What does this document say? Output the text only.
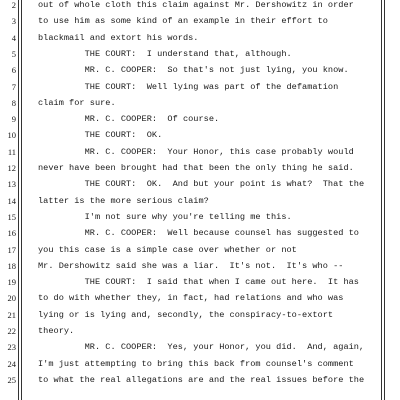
2	out of whole cloth this claim against Mr. Dershowitz in order
3	to use him as some kind of an example in their effort to
4	blackmail and extort his words.
5	THE COURT:  I understand that, although.
6	MR. C. COOPER:  So that's not just lying, you know.
7	THE COURT:  Well lying was part of the defamation
8	claim for sure.
9	MR. C. COOPER:  Of course.
10	THE COURT:  OK.
11	MR. C. COOPER:  Your Honor, this case probably would
12	never have been brought had that been the only thing he said.
13	THE COURT:  OK.  And but your point is what?  That the
14	latter is the more serious claim?
15	I'm not sure why you're telling me this.
16	MR. C. COOPER:  Well because counsel has suggested to
17	you this case is a simple case over whether or not
18	Mr. Dershowitz said she was a liar.  It's not.  It's who --
19	THE COURT:  I said that when I came out here.  It has
20	to do with whether they, in fact, had relations and who was
21	lying or is lying and, secondly, the conspiracy-to-extort
22	theory.
23	MR. C. COOPER:  Yes, your Honor, you did.  And, again,
24	I'm just attempting to bring this back from counsel's comment
25	to what the real allegations are and the real issues before the
